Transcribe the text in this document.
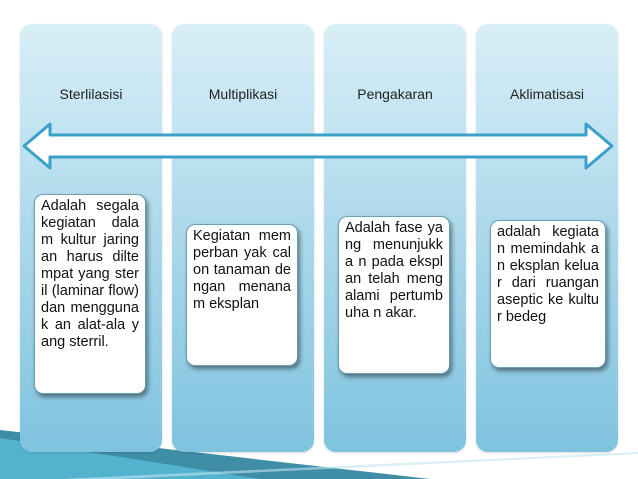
Sterlilasisi	Multiplikasi	Pengakaran	Aklimatisasi
Adalah segala kegiatan dalam kultur jaringan harus diltempat yang steril (laminar flow) dan menggunak an alat-ala yang sterril.
Kegiatan memperban yak calon tanaman dengan menanam eksplan
Adalah fase yang menunjukka n pada eksplan telah mengalami pertumbuha n akar.
adalah kegiatan memindahk an eksplan keluar dari ruangan aseptic ke kultur bedeg
